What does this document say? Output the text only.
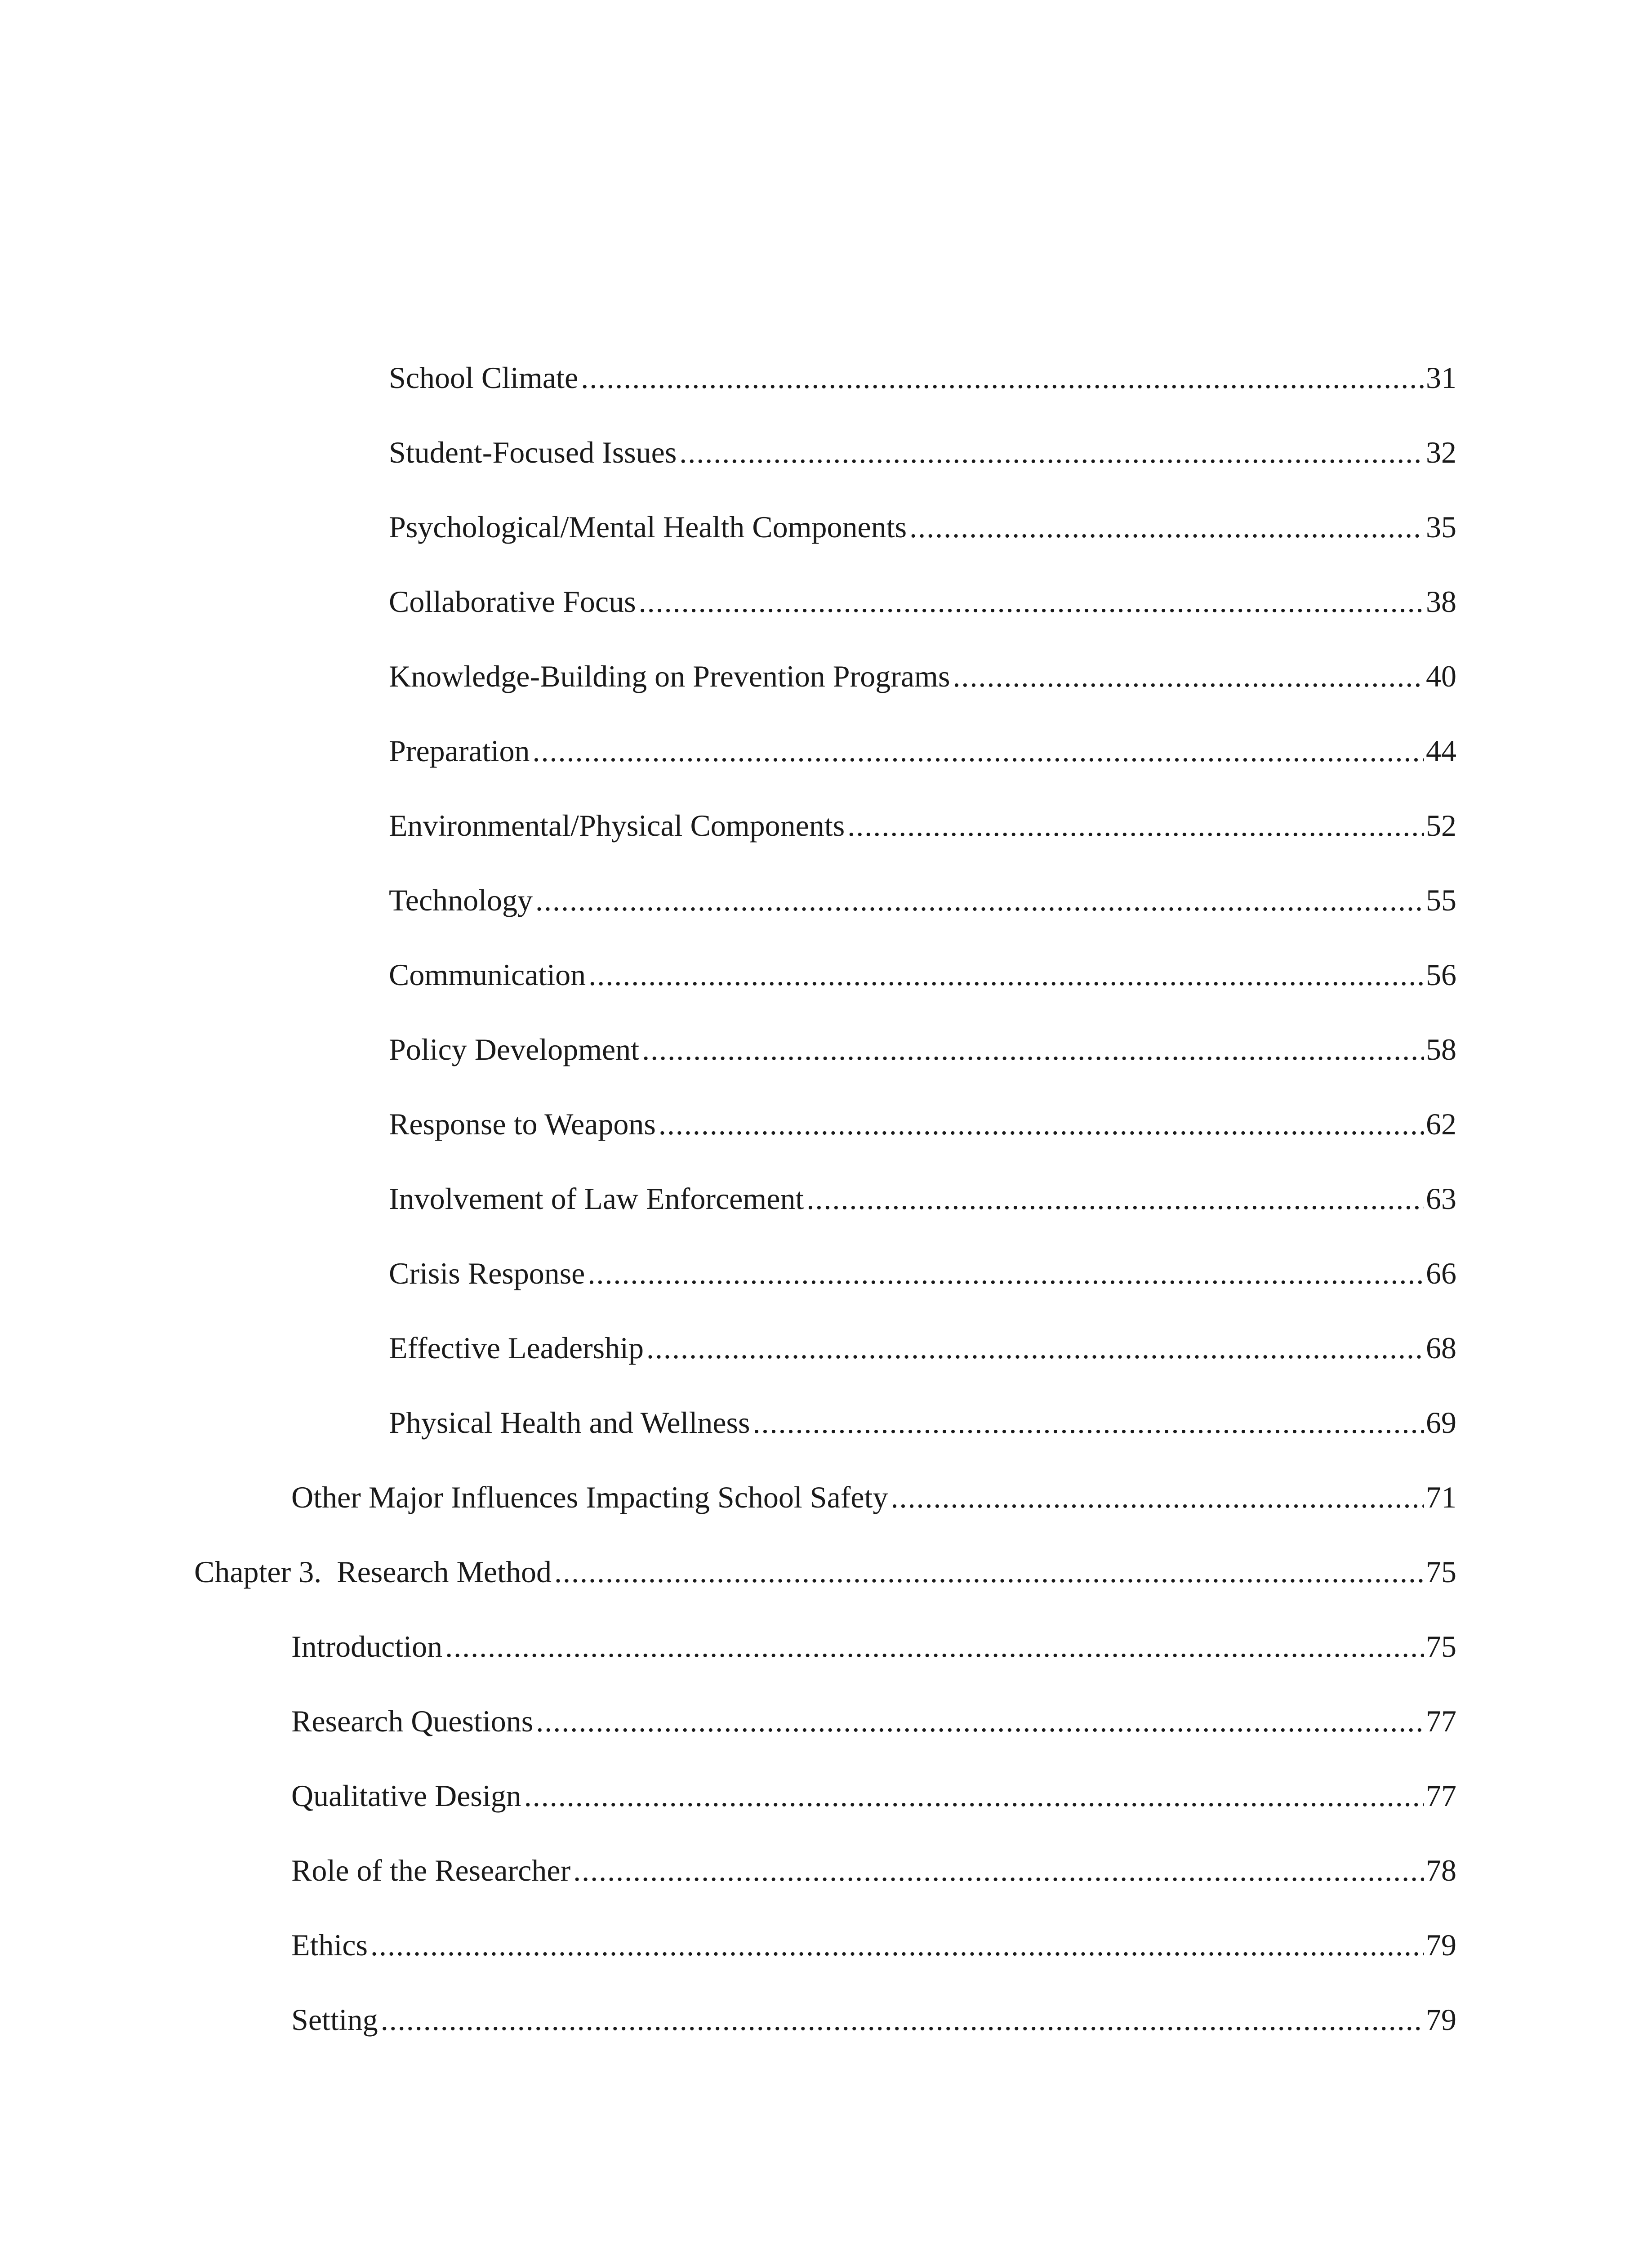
School Climate .....	31
Student-Focused Issues .....	32
Psychological/Mental Health Components .....	35
Collaborative Focus .....	38
Knowledge-Building on Prevention Programs .....	40
Preparation .....	44
Environmental/Physical Components .....	52
Technology .....	55
Communication .....	56
Policy Development .....	58
Response to Weapons .....	62
Involvement of Law Enforcement .....	63
Crisis Response .....	66
Effective Leadership .....	68
Physical Health and Wellness .....	69
Other Major Influences Impacting School Safety .....	71
Chapter 3.  Research Method .....	75
Introduction .....	75
Research Questions .....	77
Qualitative Design .....	77
Role of the Researcher .....	78
Ethics .....	79
Setting .....	79
